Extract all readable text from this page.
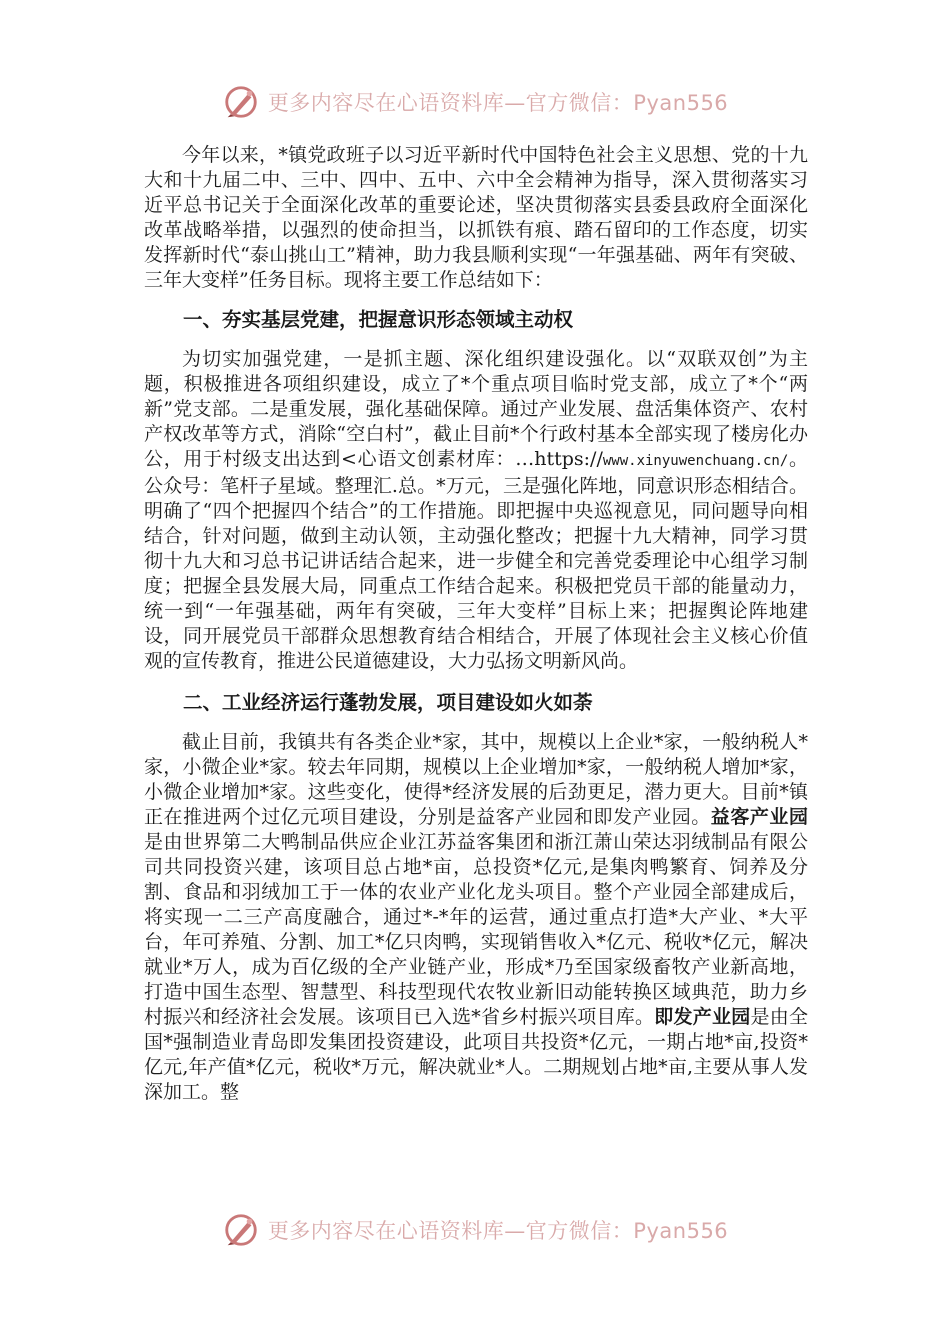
更多内容尽在心语资料库—官方微信：Pyan556

今年以来，*镇党政班子以习近平新时代中国特色社会主义思想、党的十九大和十九届二中、三中、四中、五中、六中全会精神为指导，深入贯彻落实习近平总书记关于全面深化改革的重要论述，坚决贯彻落实县委县政府全面深化改革战略举措，以强烈的使命担当，以抓铁有痕、踏石留印的工作态度，切实发挥新时代“泰山挑山工”精神，助力我县顺利实现“一年强基础、两年有突破、三年大变样”任务目标。现将主要工作总结如下：

一、夯实基层党建，把握意识形态领域主动权

为切实加强党建，一是抓主题、深化组织建设强化。以“双联双创”为主题，积极推进各项组织建设，成立了*个重点项目临时党支部，成立了*个“两新”党支部。二是重发展，强化基础保障。通过产业发展、盘活集体资产、农村产权改革等方式，消除“空白村”，截止目前*个行政村基本全部实现了楼房化办公，用于村级支出达到<心语文创素材库：…https://www.xinyuwenchuang.cn/。公众号：笔杆子星域。整理汇.总。*万元，三是强化阵地，同意识形态相结合。明确了“四个把握四个结合”的工作措施。即把握中央巡视意见，同问题导向相结合，针对问题，做到主动认领，主动强化整改；把握十九大精神，同学习贯彻十九大和习总书记讲话结合起来，进一步健全和完善党委理论中心组学习制度；把握全县发展大局，同重点工作结合起来。积极把党员干部的能量动力，统一到“一年强基础，两年有突破，三年大变样”目标上来；把握舆论阵地建设，同开展党员干部群众思想教育结合相结合，开展了体现社会主义核心价值观的宣传教育，推进公民道德建设，大力弘扬文明新风尚。

二、工业经济运行蓬勃发展，项目建设如火如荼

截止目前，我镇共有各类企业*家，其中，规模以上企业*家，一般纳税人*家，小微企业*家。较去年同期，规模以上企业增加*家，一般纳税人增加*家，小微企业增加*家。这些变化，使得*经济发展的后劲更足，潜力更大。目前*镇正在推进两个过亿元项目建设，分别是益客产业园和即发产业园。益客产业园是由世界第二大鸭制品供应企业江苏益客集团和浙江萧山荣达羽绒制品有限公司共同投资兴建，该项目总占地*亩，总投资*亿元,是集肉鸭繁育、饲养及分割、食品和羽绒加工于一体的农业产业化龙头项目。整个产业园全部建成后，将实现一二三产高度融合，通过*-*年的运营，通过重点打造*大产业、*大平台，年可养殖、分割、加工*亿只肉鸭，实现销售收入*亿元、税收*亿元，解决就业*万人，成为百亿级的全产业链产业，形成*乃至国家级畜牧产业新高地，打造中国生态型、智慧型、科技型现代农牧业新旧动能转换区域典范，助力乡村振兴和经济社会发展。该项目已入选*省乡村振兴项目库。即发产业园是由全国*强制造业青岛即发集团投资建设，此项目共投资*亿元，一期占地*亩,投资*亿元,年产值*亿元，税收*万元，解决就业*人。二期规划占地*亩,主要从事人发深加工。整

更多内容尽在心语资料库—官方微信：Pyan556
